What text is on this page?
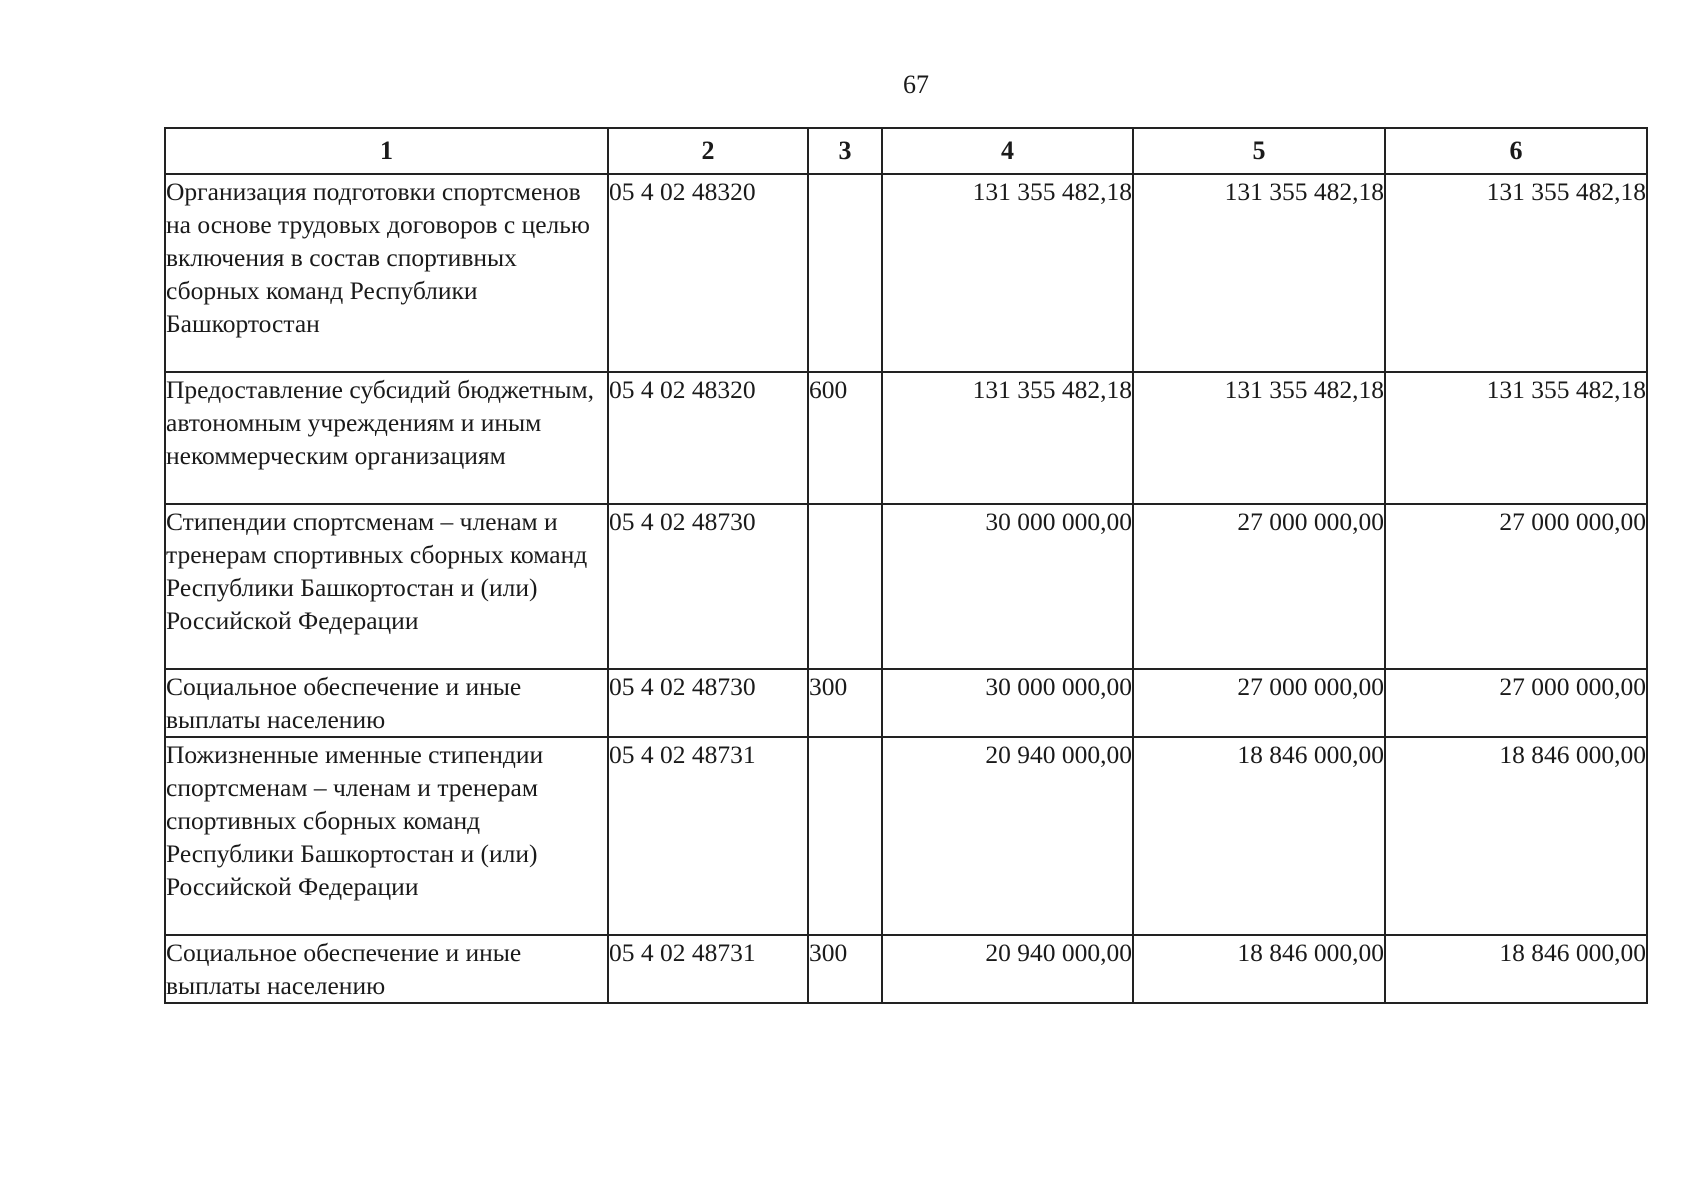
67
1	2	3	4	5	6
Организация подготовки спортсменов на основе трудовых договоров с целью включения в состав спортивных сборных команд Республики Башкортостан	05 4 02 48320		131 355 482,18	131 355 482,18	131 355 482,18
Предоставление субсидий бюджетным, автономным учреждениям и иным некоммерческим организациям	05 4 02 48320	600	131 355 482,18	131 355 482,18	131 355 482,18
Стипендии спортсменам – членам и тренерам спортивных сборных команд Республики Башкортостан и (или) Российской Федерации	05 4 02 48730		30 000 000,00	27 000 000,00	27 000 000,00
Социальное обеспечение и иные выплаты населению	05 4 02 48730	300	30 000 000,00	27 000 000,00	27 000 000,00
Пожизненные именные стипендии спортсменам – членам и тренерам спортивных сборных команд Республики Башкортостан и (или) Российской Федерации	05 4 02 48731		20 940 000,00	18 846 000,00	18 846 000,00
Социальное обеспечение и иные выплаты населению	05 4 02 48731	300	20 940 000,00	18 846 000,00	18 846 000,00
